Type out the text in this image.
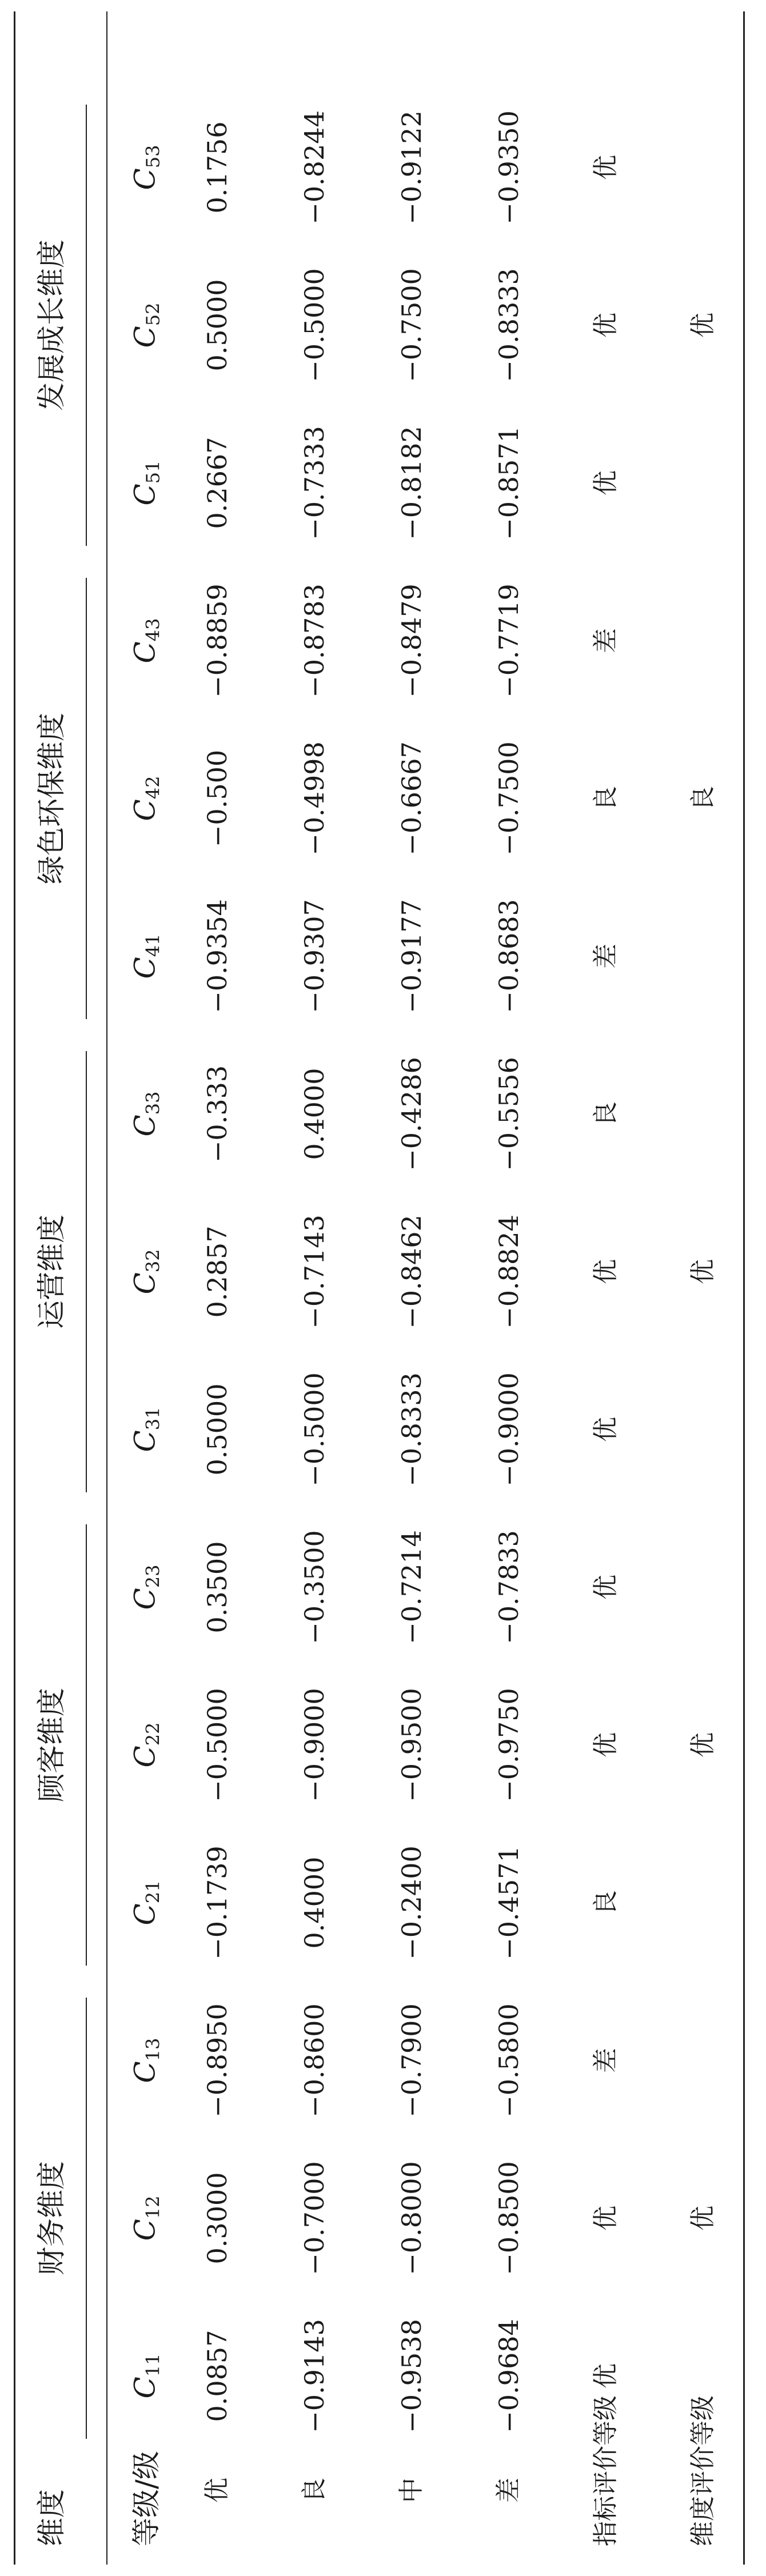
维度 等级/级
财务维度
顾客维度
运营维度
绿色环保维度
发展成长维度
$C_{11}$
$C_{12}$
$C_{13}$
$C_{21}$
$C_{22}$
$C_{23}$
$C_{31}$
$C_{32}$
$C_{33}$
$C_{41}$
$C_{42}$
$C_{43}$
$C_{51}$
$C_{52}$
$C_{53}$
优
0.0857
0.3000
−0.8950
−0.1739
−0.5000
0.3500
0.5000
0.2857
−0.333
−0.9354
−0.500
−0.8859
0.2667
0.5000
0.1756
良
−0.9143
−0.7000
−0.8600
0.4000
−0.9000
−0.3500
−0.5000
−0.7143
0.4000
−0.9307
−0.4998
−0.8783
−0.7333
−0.5000
−0.8244
中
−0.9538
−0.8000
−0.7900
−0.2400
−0.9500
−0.7214
−0.8333
−0.8462
−0.4286
−0.9177
−0.6667
−0.8479
−0.8182
−0.7500
−0.9122
差
−0.9684
−0.8500
−0.5800
−0.4571
−0.9750
−0.7833
−0.9000
−0.8824
−0.5556
−0.8683
−0.7500
−0.7719
−0.8571
−0.8333
−0.9350
指标评价等级
优
优
差
良
优
优
优
优
良
差
良
差
优
优
优
维度评价等级
优
优
优
良
优
